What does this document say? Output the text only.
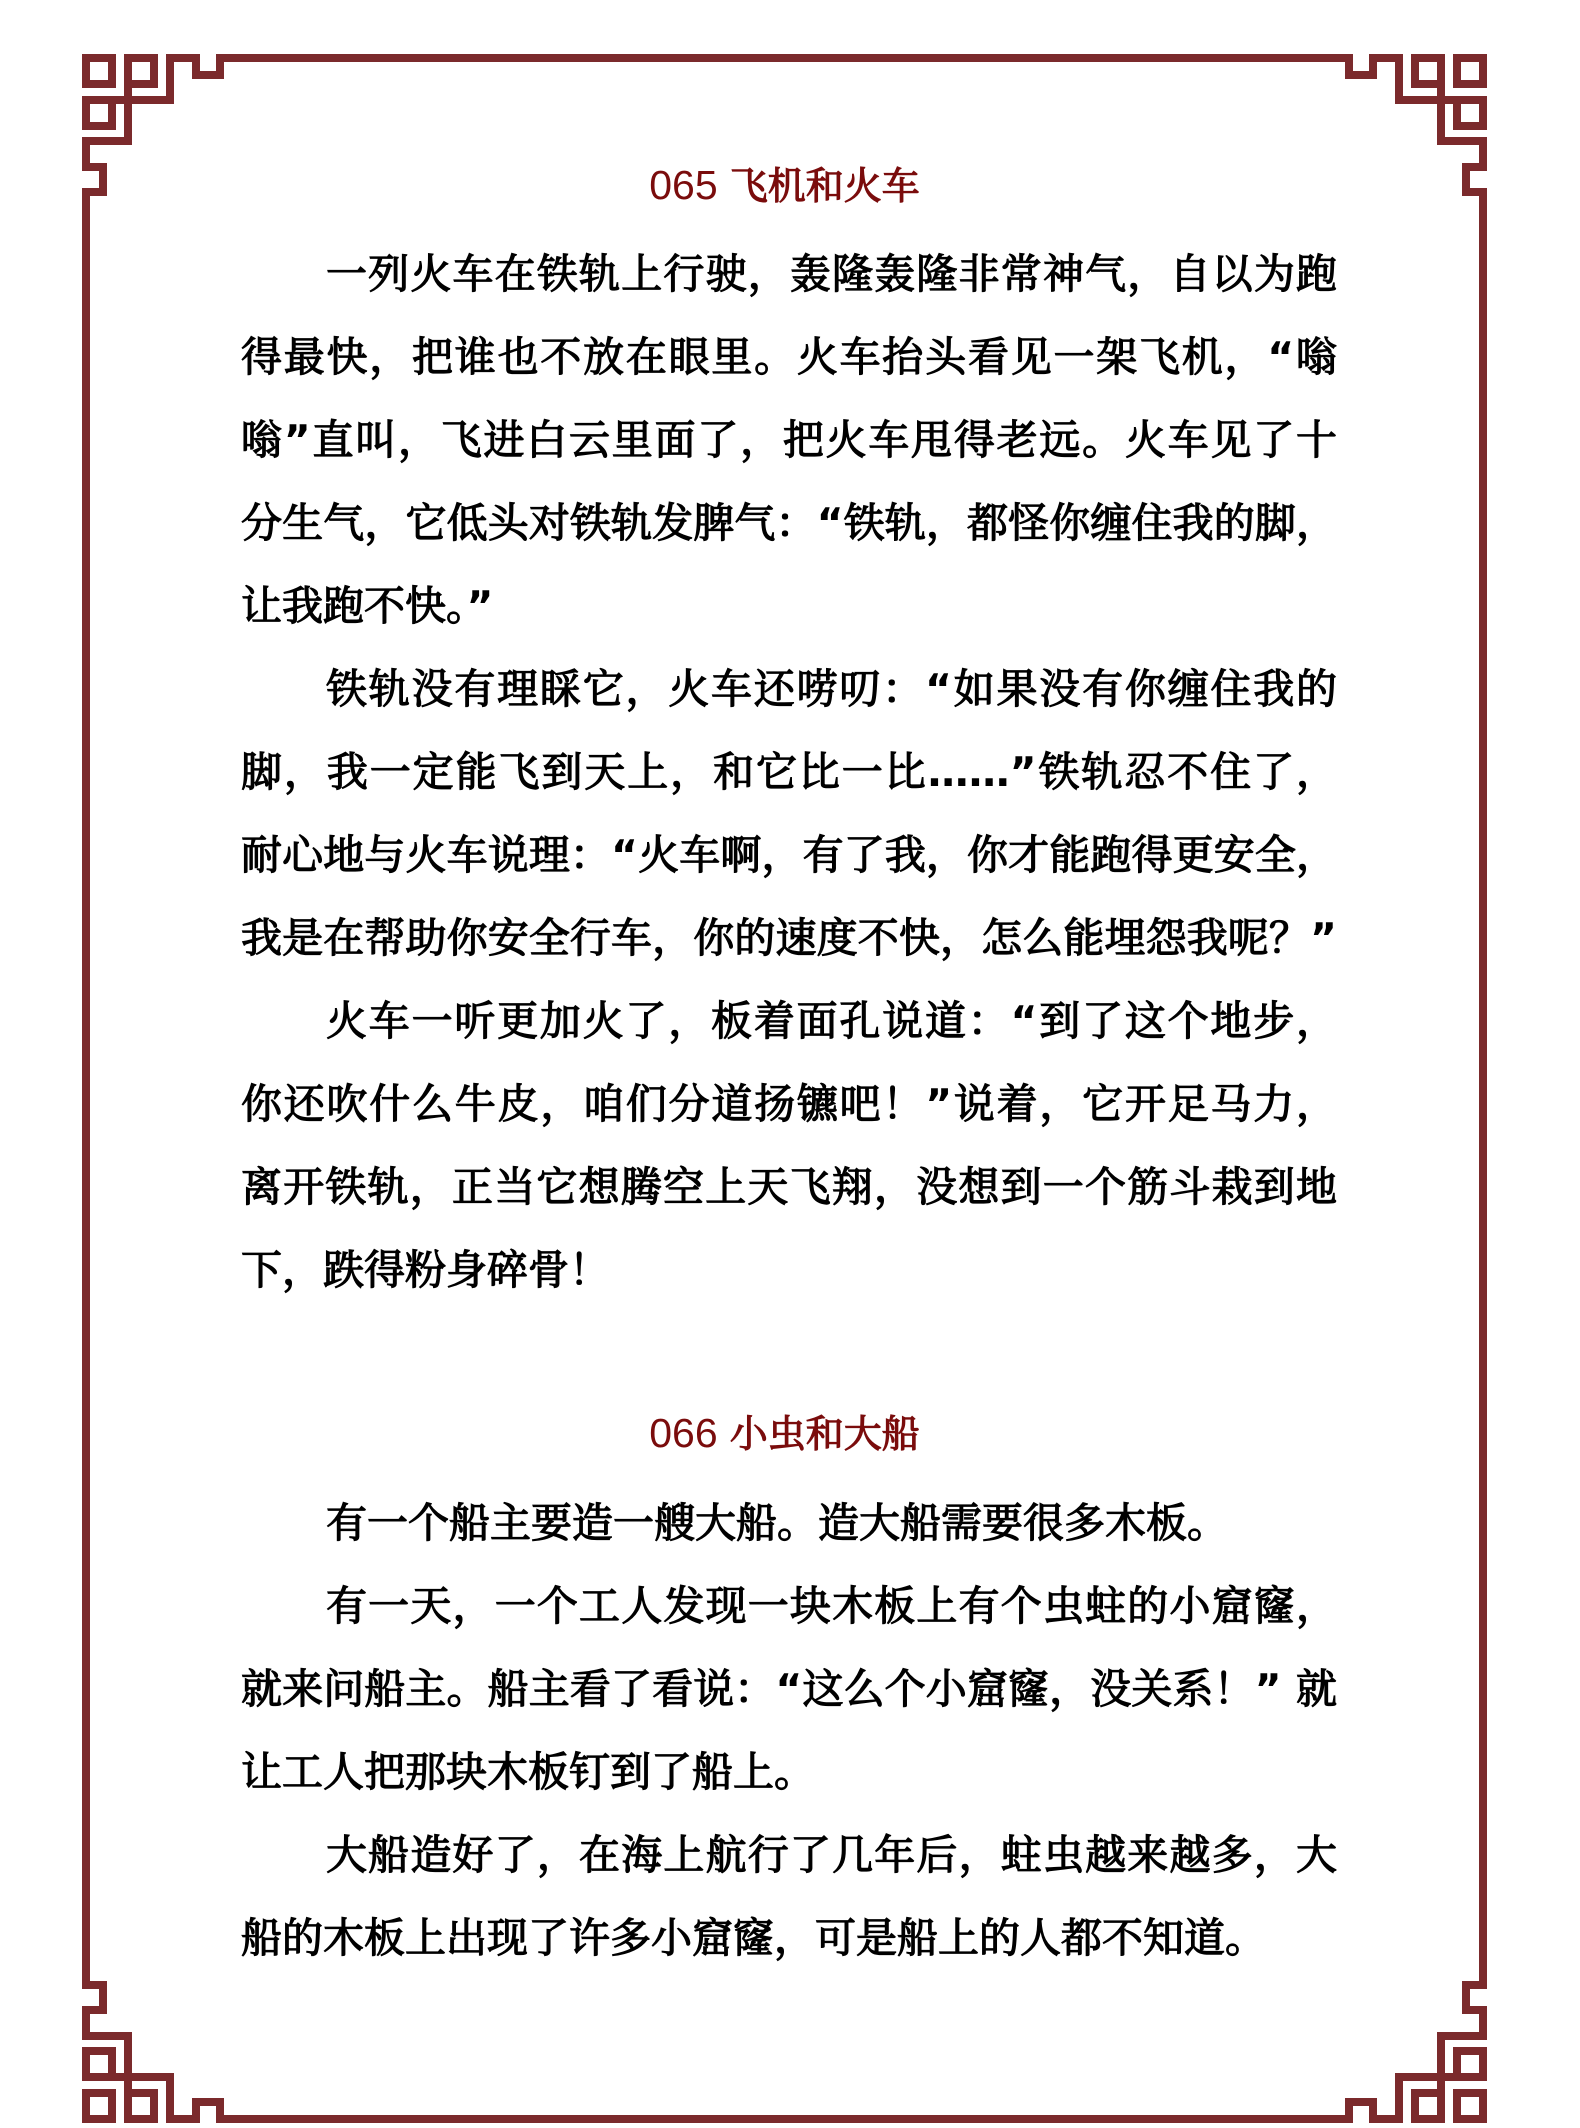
065 飞机和火车
一列火车在铁轨上行驶，轰隆轰隆非常神气，自以为跑
得最快，把谁也不放在眼里。火车抬头看见一架飞机，“嗡
嗡”直叫，飞进白云里面了，把火车甩得老远。火车见了十
分生气，它低头对铁轨发脾气：“铁轨，都怪你缠住我的脚，
让我跑不快。”
铁轨没有理睬它，火车还唠叨：“如果没有你缠住我的
脚，我一定能飞到天上，和它比一比……”铁轨忍不住了，
耐心地与火车说理：“火车啊，有了我，你才能跑得更安全，
我是在帮助你安全行车，你的速度不快，怎么能埋怨我呢？”
火车一听更加火了，板着面孔说道：“到了这个地步，
你还吹什么牛皮，咱们分道扬镳吧！”说着，它开足马力，
离开铁轨，正当它想腾空上天飞翔，没想到一个筋斗栽到地
下，跌得粉身碎骨！
066 小虫和大船
有一个船主要造一艘大船。造大船需要很多木板。
有一天，一个工人发现一块木板上有个虫蛀的小窟窿，
就来问船主。船主看了看说：“这么个小窟窿，没关系！” 就
让工人把那块木板钉到了船上。
大船造好了，在海上航行了几年后，蛀虫越来越多，大
船的木板上出现了许多小窟窿，可是船上的人都不知道。
